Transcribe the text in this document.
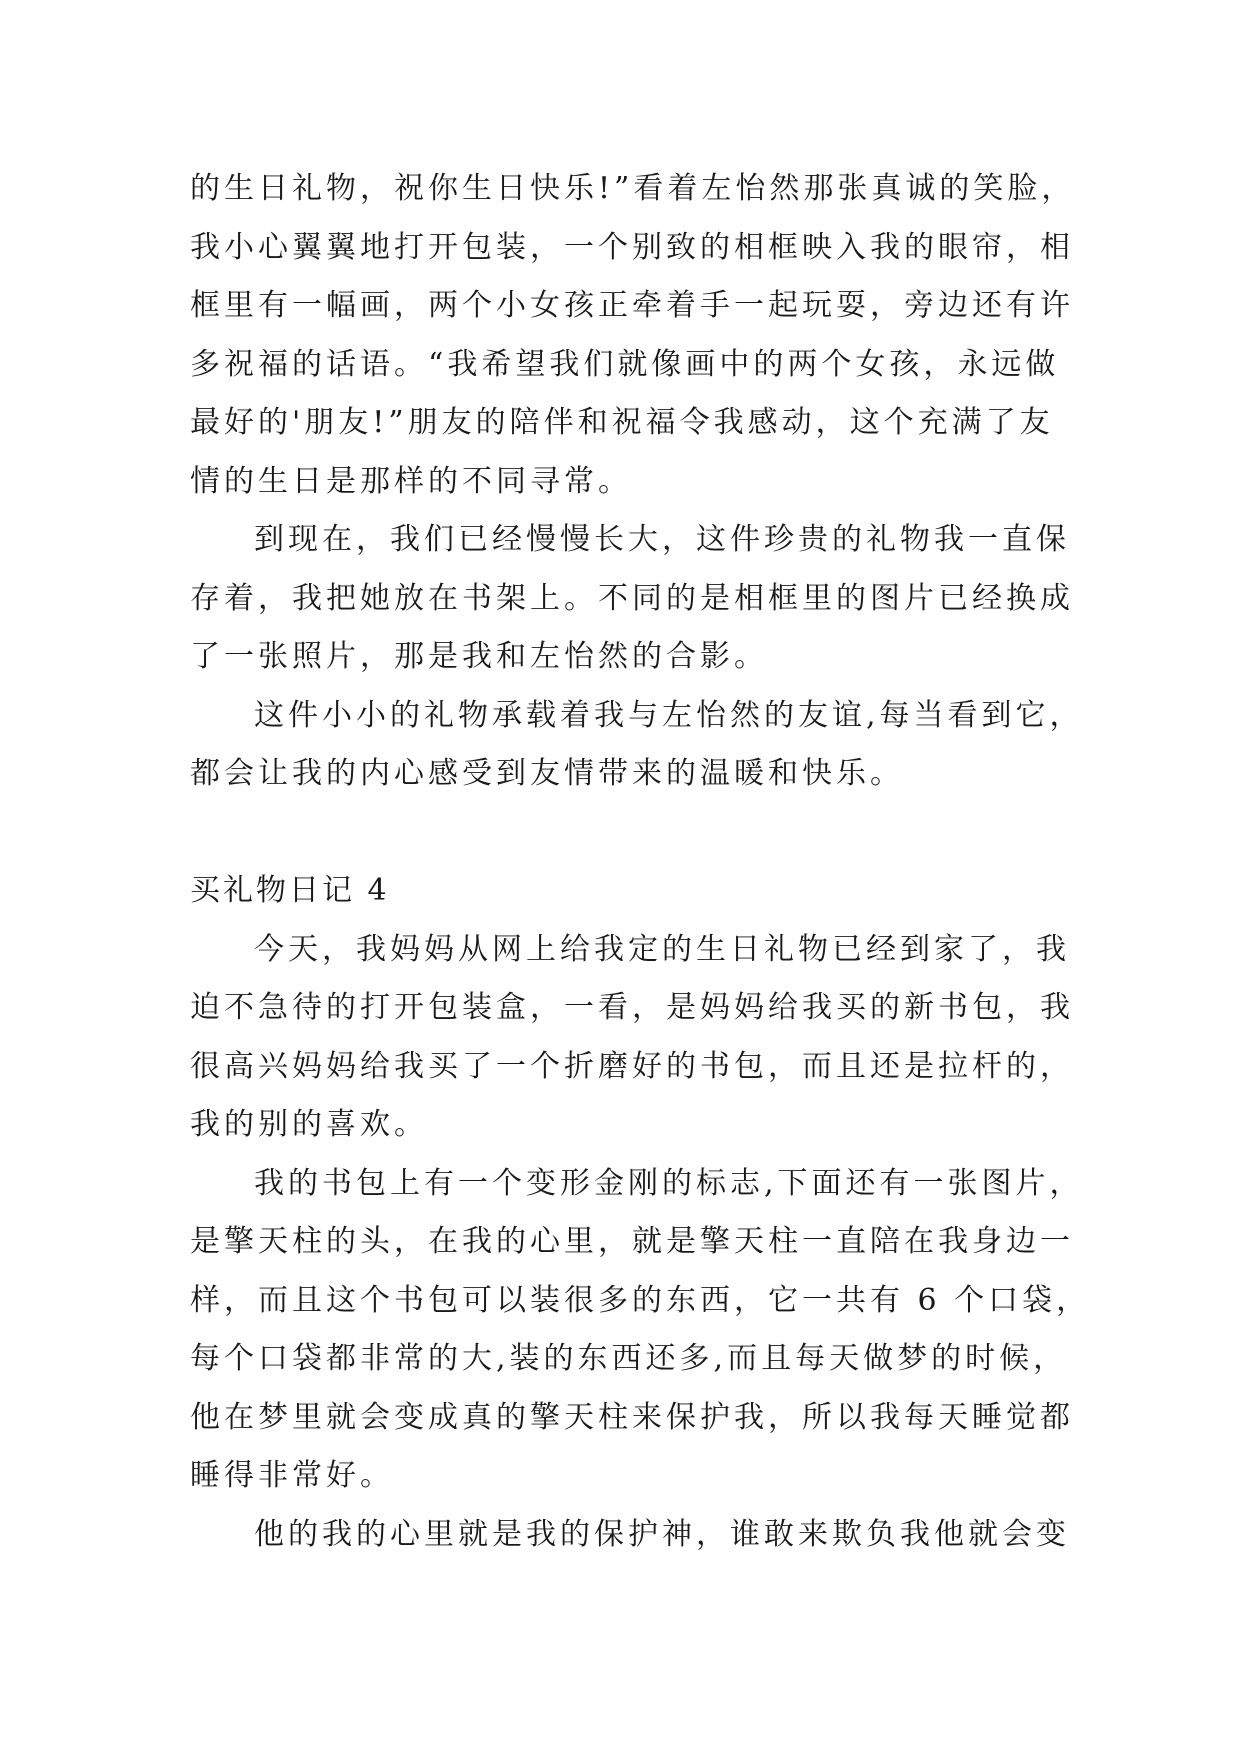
的生日礼物，祝你生日快乐!”看着左怡然那张真诚的笑脸，
我小心翼翼地打开包装，一个别致的相框映入我的眼帘，相
框里有一幅画，两个小女孩正牵着手一起玩耍，旁边还有许
多祝福的话语。“我希望我们就像画中的两个女孩，永远做
最好的'朋友!”朋友的陪伴和祝福令我感动，这个充满了友
情的生日是那样的不同寻常。
到现在，我们已经慢慢长大，这件珍贵的礼物我一直保
存着，我把她放在书架上。不同的是相框里的图片已经换成
了一张照片，那是我和左怡然的合影。
这件小小的礼物承载着我与左怡然的友谊,每当看到它，
都会让我的内心感受到友情带来的温暖和快乐。
买礼物日记 4
今天，我妈妈从网上给我定的生日礼物已经到家了，我
迫不急待的打开包装盒，一看，是妈妈给我买的新书包，我
很高兴妈妈给我买了一个折磨好的书包，而且还是拉杆的，
我的别的喜欢。
我的书包上有一个变形金刚的标志,下面还有一张图片，
是擎天柱的头，在我的心里，就是擎天柱一直陪在我身边一
样，而且这个书包可以装很多的东西，它一共有 6 个口袋，
每个口袋都非常的大,装的东西还多,而且每天做梦的时候，
他在梦里就会变成真的擎天柱来保护我，所以我每天睡觉都
睡得非常好。
他的我的心里就是我的保护神，谁敢来欺负我他就会变
